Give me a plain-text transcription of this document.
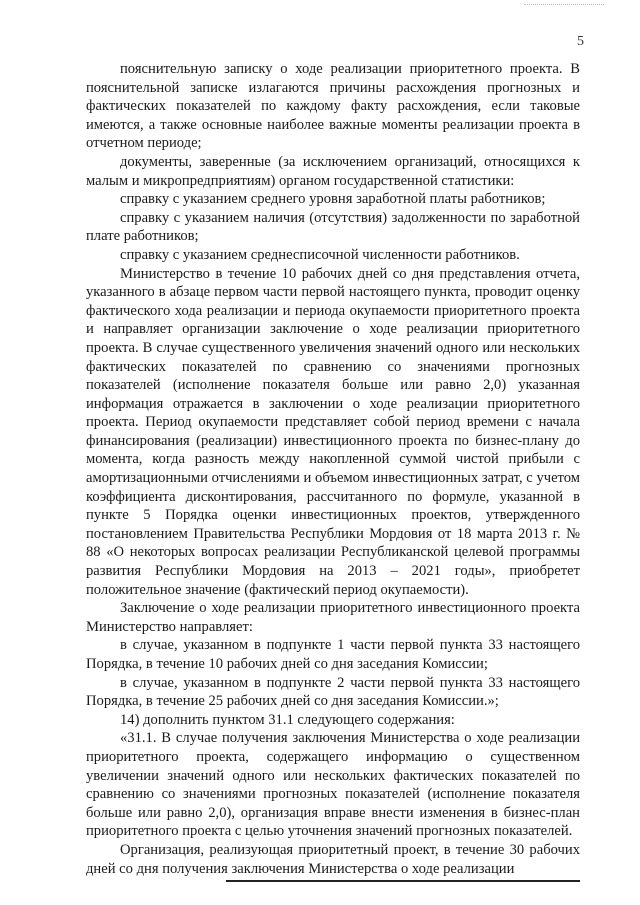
5

пояснительную записку о ходе реализации приоритетного проекта. В пояснительной записке излагаются причины расхождения прогнозных и фактических показателей по каждому факту расхождения, если таковые имеются, а также основные наиболее важные моменты реализации проекта в отчетном периоде;

документы, заверенные (за исключением организаций, относящихся к малым и микропредприятиям) органом государственной статистики:

справку с указанием среднего уровня заработной платы работников;

справку с указанием наличия (отсутствия) задолженности по заработной плате работников;

справку с указанием среднесписочной численности работников.

Министерство в течение 10 рабочих дней со дня представления отчета, указанного в абзаце первом части первой настоящего пункта, проводит оценку фактического хода реализации и периода окупаемости приоритетного проекта и направляет организации заключение о ходе реализации приоритетного проекта. В случае существенного увеличения значений одного или нескольких фактических показателей по сравнению со значениями прогнозных показателей (исполнение показателя больше или равно 2,0) указанная информация отражается в заключении о ходе реализации приоритетного проекта. Период окупаемости представляет собой период времени с начала финансирования (реализации) инвестиционного проекта по бизнес-плану до момента, когда разность между накопленной суммой чистой прибыли с амортизационными отчислениями и объемом инвестиционных затрат, с учетом коэффициента дисконтирования, рассчитанного по формуле, указанной в пункте 5 Порядка оценки инвестиционных проектов, утвержденного постановлением Правительства Республики Мордовия от 18 марта 2013 г. № 88 «О некоторых вопросах реализации Республиканской целевой программы развития Республики Мордовия на 2013 – 2021 годы», приобретет положительное значение (фактический период окупаемости).

Заключение о ходе реализации приоритетного инвестиционного проекта Министерство направляет:

в случае, указанном в подпункте 1 части первой пункта 33 настоящего Порядка, в течение 10 рабочих дней со дня заседания Комиссии;

в случае, указанном в подпункте 2 части первой пункта 33 настоящего Порядка, в течение 25 рабочих дней со дня заседания Комиссии.»;

14) дополнить пунктом 31.1 следующего содержания:

«31.1. В случае получения заключения Министерства о ходе реализации приоритетного проекта, содержащего информацию о существенном увеличении значений одного или нескольких фактических показателей по сравнению со значениями прогнозных показателей (исполнение показателя больше или равно 2,0), организация вправе внести изменения в бизнес-план приоритетного проекта с целью уточнения значений прогнозных показателей.

Организация, реализующая приоритетный проект, в течение 30 рабочих дней со дня получения заключения Министерства о ходе реализации
